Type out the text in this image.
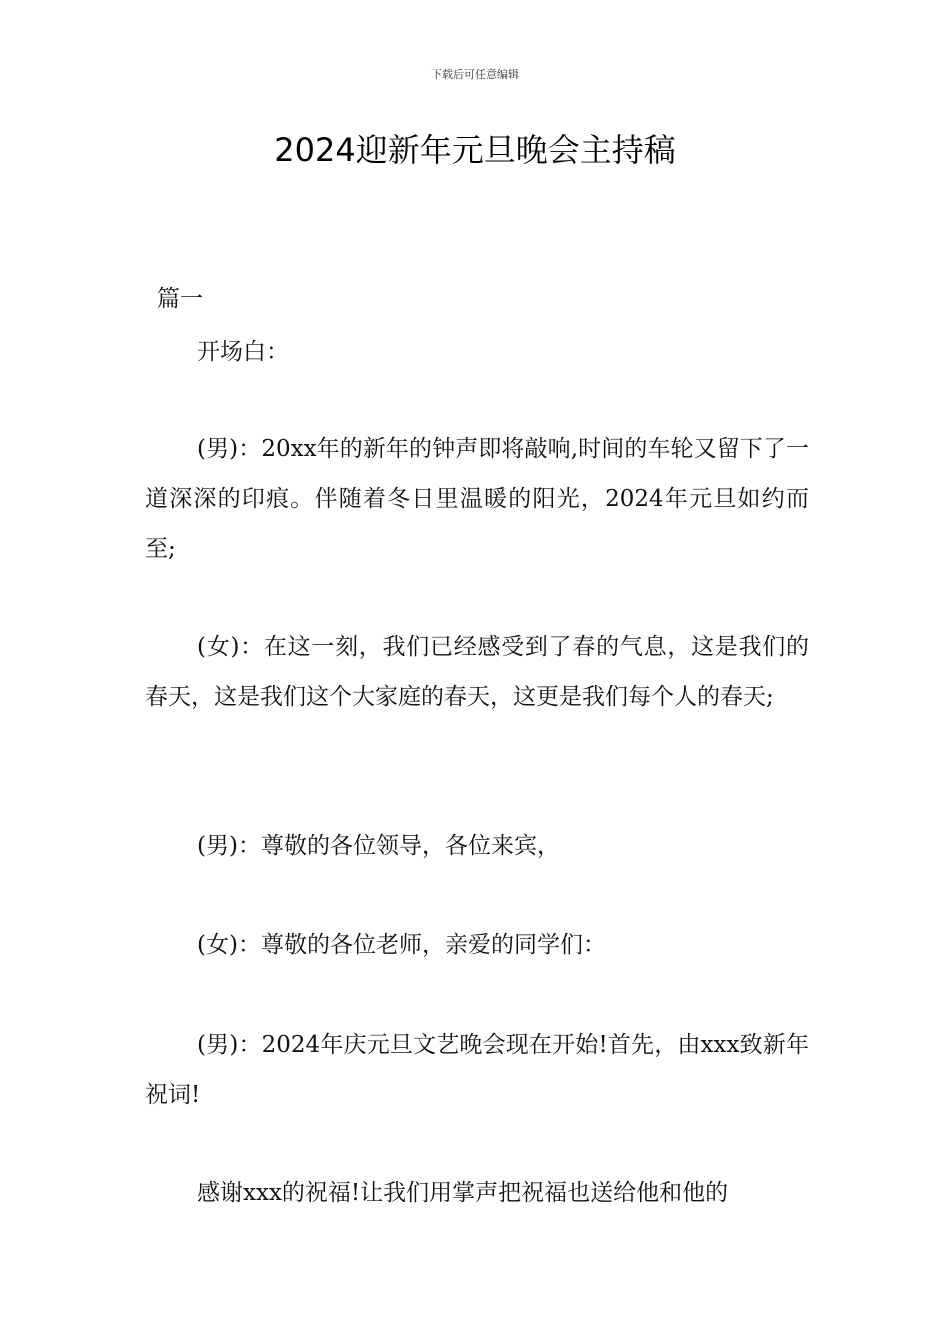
下载后可任意编辑
2024迎新年元旦晚会主持稿
篇一

开场白：

(男)：20xx年的新年的钟声即将敲响,时间的车轮又留下了一道深深的印痕。伴随着冬日里温暖的阳光，2024年元旦如约而至;

(女)：在这一刻，我们已经感受到了春的气息，这是我们的春天，这是我们这个大家庭的春天，这更是我们每个人的春天;

(男)：尊敬的各位领导，各位来宾，

(女)：尊敬的各位老师，亲爱的同学们：

(男)：2024年庆元旦文艺晚会现在开始!首先，由xxx致新年祝词!

感谢xxx的祝福!让我们用掌声把祝福也送给他和他的
